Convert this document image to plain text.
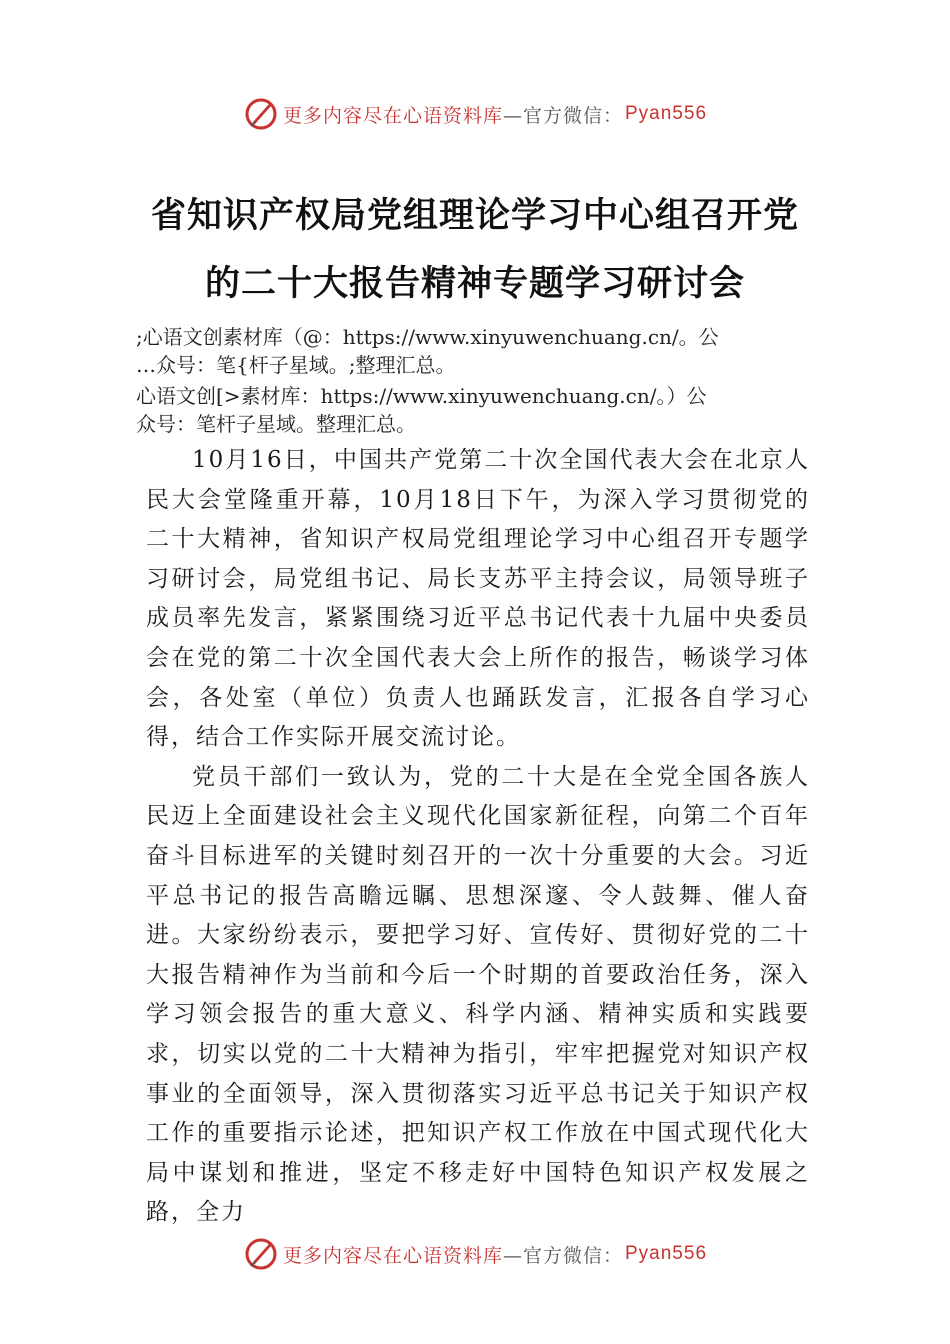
更多内容尽在心语资料库 —官方微信： Pyan556
省知识产权局党组理论学习中心组召开党
的二十大报告精神专题学习研讨会
;心语文创素材库（@：https://www.xinyuwenchuang.cn/。公
…众号：笔{杆子星域。;整理汇总。
心语文创[>素材库：https://www.xinyuwenchuang.cn/。）公
众号：笔杆子星域。整理汇总。

10月16日，中国共产党第二十次全国代表大会在北京人民大会堂隆重开幕，10月18日下午，为深入学习贯彻党的二十大精神，省知识产权局党组理论学习中心组召开专题学习研讨会，局党组书记、局长支苏平主持会议，局领导班子成员率先发言，紧紧围绕习近平总书记代表十九届中央委员会在党的第二十次全国代表大会上所作的报告，畅谈学习体会，各处室（单位）负责人也踊跃发言，汇报各自学习心得，结合工作实际开展交流讨论。

党员干部们一致认为，党的二十大是在全党全国各族人民迈上全面建设社会主义现代化国家新征程，向第二个百年奋斗目标进军的关键时刻召开的一次十分重要的大会。习近平总书记的报告高瞻远瞩、思想深邃、令人鼓舞、催人奋进。大家纷纷表示，要把学习好、宣传好、贯彻好党的二十大报告精神作为当前和今后一个时期的首要政治任务，深入学习领会报告的重大意义、科学内涵、精神实质和实践要求，切实以党的二十大精神为指引，牢牢把握党对知识产权事业的全面领导，深入贯彻落实习近平总书记关于知识产权工作的重要指示论述，把知识产权工作放在中国式现代化大局中谋划和推进，坚定不移走好中国特色知识产权发展之路，全力

更多内容尽在心语资料库 —官方微信： Pyan556
